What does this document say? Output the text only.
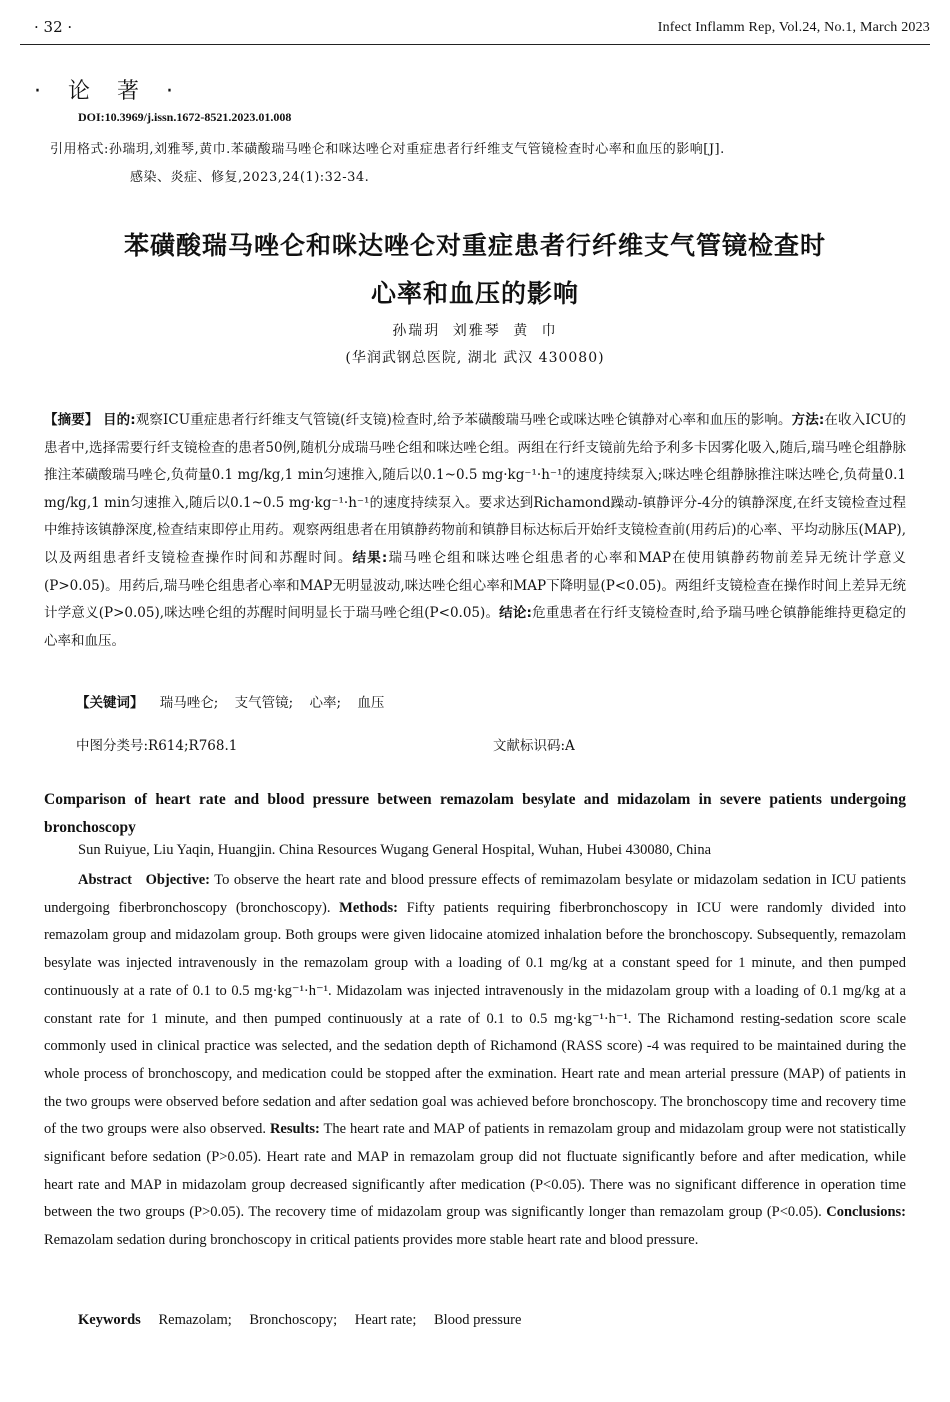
· 32 ·	Infect Inflamm Rep, Vol.24, No.1, March 2023
· 论 著 ·
DOI:10.3969/j.issn.1672-8521.2023.01.008
引用格式:孙瑞玥,刘雅琴,黄巾.苯磺酸瑞马唑仑和咪达唑仑对重症患者行纤维支气管镜检查时心率和血压的影响[J].
感染、炎症、修复,2023,24(1):32-34.
苯磺酸瑞马唑仑和咪达唑仑对重症患者行纤维支气管镜检查时
心率和血压的影响
孙瑞玥 刘雅琴 黄 巾
(华润武钢总医院, 湖北 武汉 430080)
【摘要】 目的:观察ICU重症患者行纤维支气管镜(纤支镜)检查时,给予苯磺酸瑞马唑仑或咪达唑仑镇静对心率和血压的影响。方法:在收入ICU的患者中,选择需要行纤支镜检查的患者50例,随机分成瑞马唑仑组和咪达唑仑组。两组在行纤支镜前先给予利多卡因雾化吸入,随后,瑞马唑仑组静脉推注苯磺酸瑞马唑仑,负荷量0.1 mg/kg,1 min匀速推入,随后以0.1~0.5 mg·kg⁻¹·h⁻¹的速度持续泵入;咪达唑仑组静脉推注咪达唑仑,负荷量0.1 mg/kg,1 min匀速推入,随后以0.1~0.5 mg·kg⁻¹·h⁻¹的速度持续泵入。要求达到Richamond躁动-镇静评分-4分的镇静深度,在纤支镜检查过程中维持该镇静深度,检查结束即停止用药。观察两组患者在用镇静药物前和镇静目标达标后开始纤支镜检查前(用药后)的心率、平均动脉压(MAP),以及两组患者纤支镜检查操作时间和苏醒时间。结果:瑞马唑仑组和咪达唑仑组患者的心率和MAP在使用镇静药物前差异无统计学意义(P>0.05)。用药后,瑞马唑仑组患者心率和MAP无明显波动,咪达唑仑组心率和MAP下降明显(P<0.05)。两组纤支镜检查在操作时间上差异无统计学意义(P>0.05),咪达唑仑组的苏醒时间明显长于瑞马唑仑组(P<0.05)。结论:危重患者在行纤支镜检查时,给予瑞马唑仑镇静能维持更稳定的心率和血压。
【关键词】 瑞马唑仑; 支气管镜; 心率; 血压
中图分类号:R614;R768.1	文献标识码:A
Comparison of heart rate and blood pressure between remazolam besylate and midazolam in severe patients undergoing bronchoscopy
Sun Ruiyue, Liu Yaqin, Huangjin. China Resources Wugang General Hospital, Wuhan, Hubei 430080, China
Abstract Objective: To observe the heart rate and blood pressure effects of remimazolam besylate or midazolam sedation in ICU patients undergoing fiberbronchoscopy (bronchoscopy). Methods: Fifty patients requiring fiberbronchoscopy in ICU were randomly divided into remazolam group and midazolam group. Both groups were given lidocaine atomized inhalation before the bronchoscopy. Subsequently, remazolam besylate was injected intravenously in the remazolam group with a loading of 0.1 mg/kg at a constant speed for 1 minute, and then pumped continuously at a rate of 0.1 to 0.5 mg·kg⁻¹·h⁻¹. Midazolam was injected intravenously in the midazolam group with a loading of 0.1 mg/kg at a constant rate for 1 minute, and then pumped continuously at a rate of 0.1 to 0.5 mg·kg⁻¹·h⁻¹. The Richamond resting-sedation score scale commonly used in clinical practice was selected, and the sedation depth of Richamond (RASS score) -4 was required to be maintained during the whole process of bronchoscopy, and medication could be stopped after the exmination. Heart rate and mean arterial pressure (MAP) of patients in the two groups were observed before sedation and after sedation goal was achieved before bronchoscopy. The bronchoscopy time and recovery time of the two groups were also observed. Results: The heart rate and MAP of patients in remazolam group and midazolam group were not statistically significant before sedation (P>0.05). Heart rate and MAP in remazolam group did not fluctuate significantly before and after medication, while heart rate and MAP in midazolam group decreased significantly after medication (P<0.05). There was no significant difference in operation time between the two groups (P>0.05). The recovery time of midazolam group was significantly longer than remazolam group (P<0.05). Conclusions: Remazolam sedation during bronchoscopy in critical patients provides more stable heart rate and blood pressure.
Keywords Remazolam; Bronchoscopy; Heart rate; Blood pressure
